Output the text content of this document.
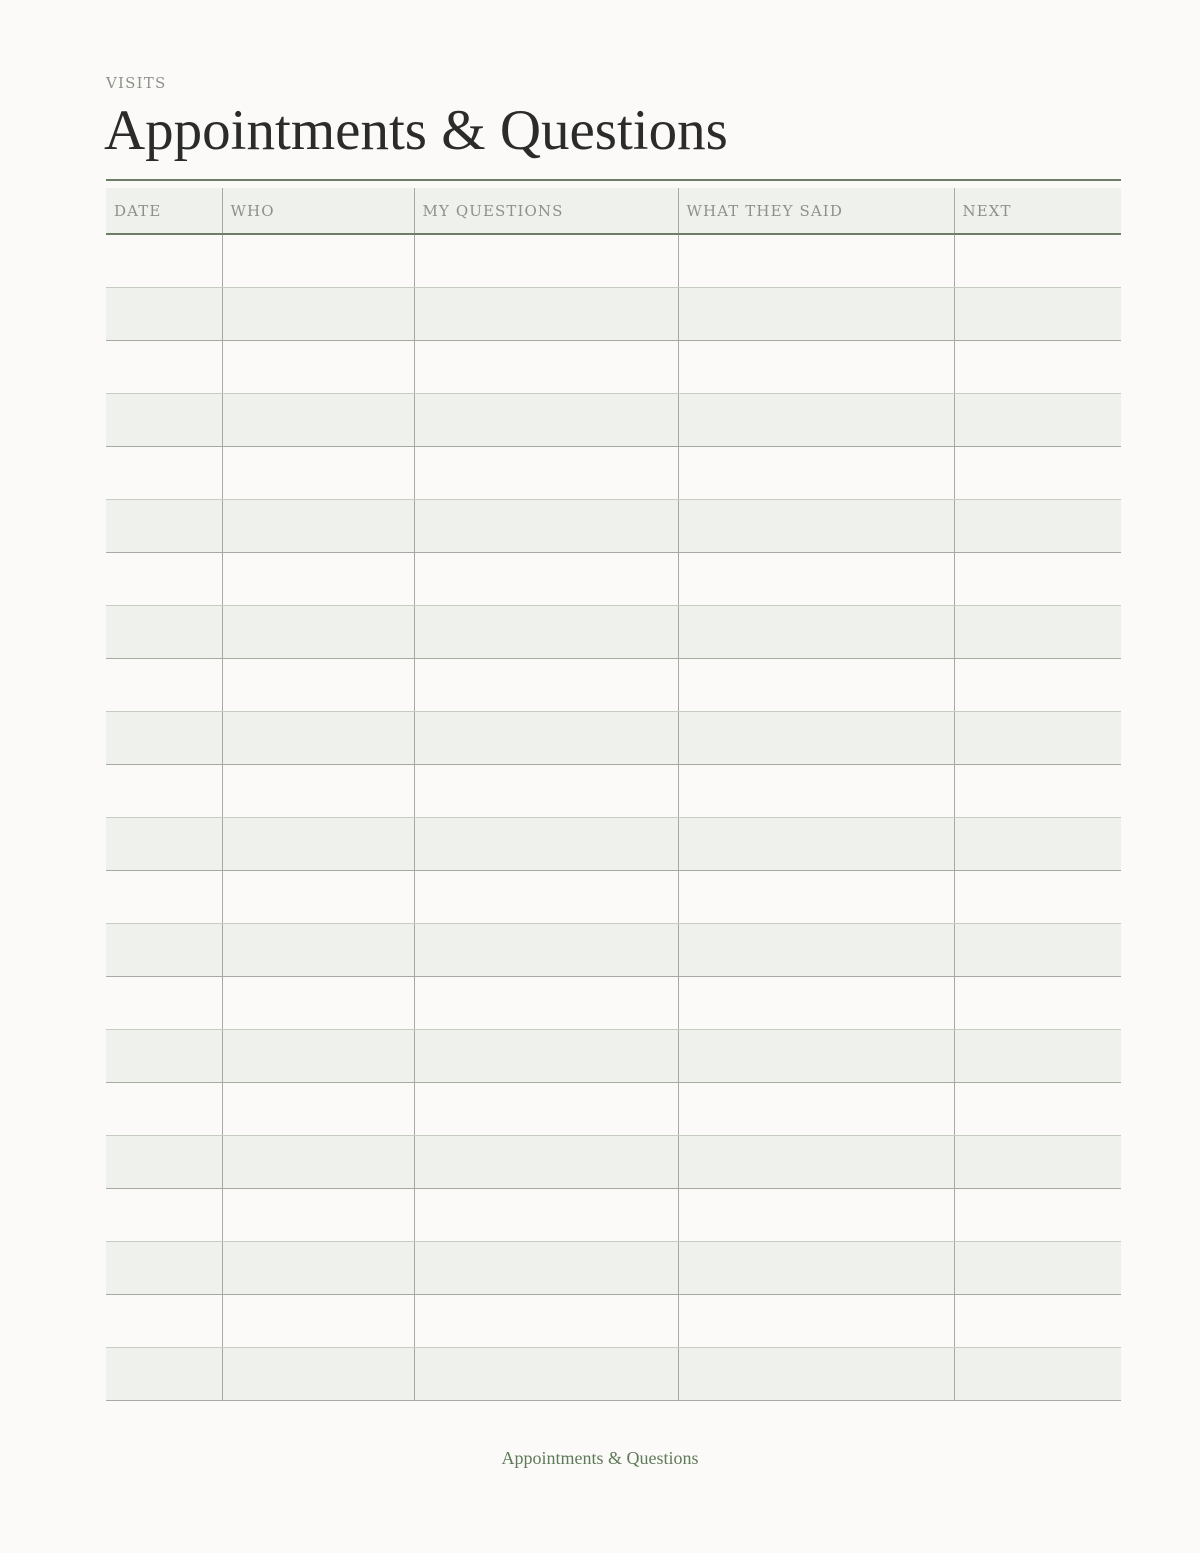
VISITS

Appointments & Questions
DATE	WHO	MY QUESTIONS	WHAT THEY SAID	NEXT

Appointments & Questions
